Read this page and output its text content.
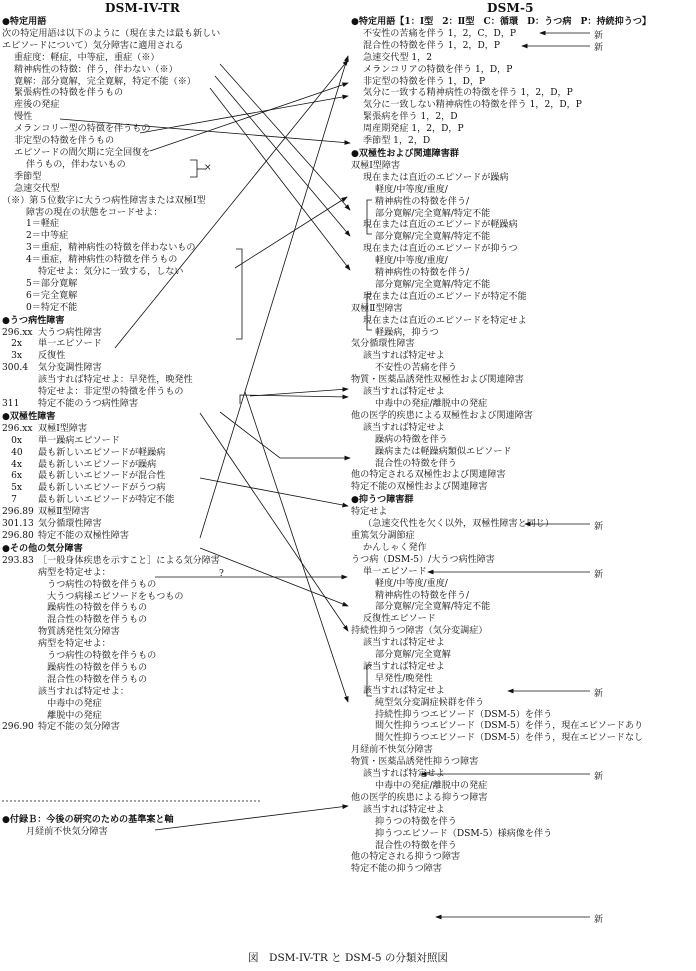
DSM-IV-TR	DSM-5
●特定用語
次の特定用語は以下のように（現在または最も新しい
エピソードについて）気分障害に適用される
重症度：軽症，中等症，重症（※）
精神病性の特徴：伴う，伴わない（※）
寛解：部分寛解，完全寛解，特定不能（※）
緊張病性の特徴を伴うもの
産後の発症
慢性
メランコリー型の特徴を伴うもの
非定型の特徴を伴うもの
エピソードの間欠期に完全回復を
伴うもの，伴わないもの
季節型
急速交代型
（※）第５位数字に大うつ病性障害または双極Ⅰ型
障害の現在の状態をコードせよ：
1＝軽症
2＝中等症
3＝重症，精神病性の特徴を伴わないもの
4＝重症，精神病性の特徴を伴うもの
特定せよ：気分に一致する，しない
5＝部分寛解
6＝完全寛解
0＝特定不能
●うつ病性障害
296.xx 大うつ病性障害
　2x 単一エピソード
　3x 反復性
300.4 気分変調性障害
該当すれば特定せよ：早発性，晩発性
特定せよ：非定型の特徴を伴うもの
311 特定不能のうつ病性障害
●双極性障害
296.xx 双極Ⅰ型障害
　0x 単一躁病エピソード
　40 最も新しいエピソードが軽躁病
　4x 最も新しいエピソードが躁病
　6x 最も新しいエピソードが混合性
　5x 最も新しいエピソードがうつ病
　7 最も新しいエピソードが特定不能
296.89 双極Ⅱ型障害
301.13 気分循環性障害
296.80 特定不能の双極性障害
●その他の気分障害
293.83 ［一般身体疾患を示すこと］による気分障害
病型を特定せよ：
　うつ病性の特徴を伴うもの
　大うつ病様エピソードをもつもの
　躁病性の特徴を伴うもの
　混合性の特徴を伴うもの
物質誘発性気分障害
病型を特定せよ：
　うつ病性の特徴を伴うもの
　躁病性の特徴を伴うもの
　混合性の特徴を伴うもの
該当すれば特定せよ：
　中毒中の発症
　離脱中の発症
296.90 特定不能の気分障害
●付録Ｂ：今後の研究のための基準案と軸
月経前不快気分障害
●特定用語【1：Ⅰ型　2：Ⅱ型　C：循環　D：うつ病　P：持続抑うつ】
不安性の苦痛を伴う 1，2，C，D，P
混合性の特徴を伴う 1，2，D，P
急速交代型 1，2
メランコリアの特徴を伴う 1，D，P
非定型の特徴を伴う 1，D，P
気分に一致する精神病性の特徴を伴う 1，2，D，P
気分に一致しない精神病性の特徴を伴う 1，2，D，P
緊張病を伴う 1，2，D
周産期発症 1，2，D，P
季節型 1，2，D
●双極性および関連障害群
双極Ⅰ型障害
現在または直近のエピソードが躁病
軽度/中等度/重度/
精神病性の特徴を伴う/
部分寛解/完全寛解/特定不能
現在または直近のエピソードが軽躁病
部分寛解/完全寛解/特定不能
現在または直近のエピソードが抑うつ
軽度/中等度/重度/
精神病性の特徴を伴う/
部分寛解/完全寛解/特定不能
現在または直近のエピソードが特定不能
双極Ⅱ型障害
現在または直近のエピソードを特定せよ
軽躁病，抑うつ
気分循環性障害
該当すれば特定せよ
不安性の苦痛を伴う
物質・医薬品誘発性双極性および関連障害
該当すれば特定せよ
中毒中の発症/離脱中の発症
他の医学的疾患による双極性および関連障害
該当すれば特定せよ
躁病の特徴を伴う
躁病または軽躁病類似エピソード
混合性の特徴を伴う
他の特定される双極性および関連障害
特定不能の双極性および関連障害
●抑うつ障害群
特定せよ
（急速交代性を欠く以外，双極性障害と同じ）
重篤気分調節症
かんしゃく発作
うつ病（DSM-5）/大うつ病性障害
単一エピソード
軽度/中等度/重度/
精神病性の特徴を伴う/
部分寛解/完全寛解/特定不能
反復性エピソード
持続性抑うつ障害（気分変調症）
該当すれば特定せよ
部分寛解/完全寛解
該当すれば特定せよ
早発性/晩発性
該当すれば特定せよ
純型気分変調症候群を伴う
持続性抑うつエピソード（DSM-5）を伴う
間欠性抑うつエピソード（DSM-5）を伴う，現在エピソードあり
間欠性抑うつエピソード（DSM-5）を伴う，現在エピソードなし
月経前不快気分障害
物質・医薬品誘発性抑うつ障害
該当すれば特定せよ
中毒中の発症/離脱中の発症
他の医学的疾患による抑うつ障害
該当すれば特定せよ
抑うつの特徴を伴う
抑うつエピソード（DSM-5）様病像を伴う
混合性の特徴を伴う
他の特定される抑うつ障害
特定不能の抑うつ障害
×
?
新
新
新
新
新
新
新
図　DSM-IV-TR と DSM-5 の分類対照図
